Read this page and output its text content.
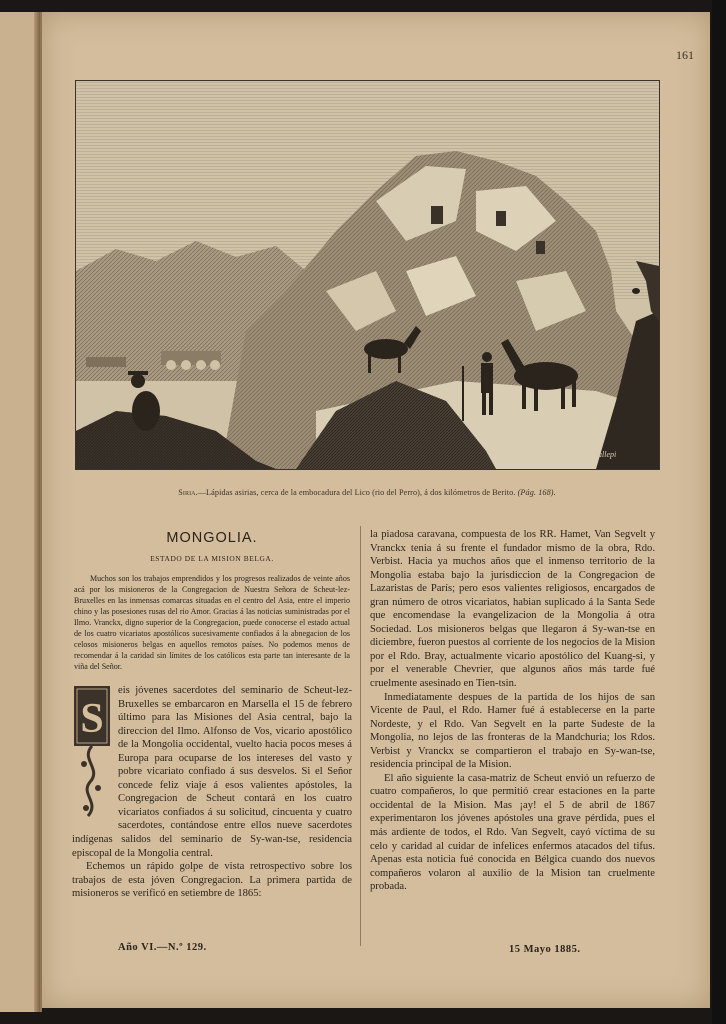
161
Sallepi
Siria.—Lápidas asirias, cerca de la embocadura del Lico (rio del Perro), á dos kilómetros de Berito. (Pág. 168).
MONGOLIA.
ESTADO DE LA MISION BELGA.

Muchos son los trabajos emprendidos y los progresos realizados de veinte años acá por los misioneros de la Congregacion de Nuestra Señora de Scheut-lez-Bruxelles en las inmensas comarcas situadas en el centro del Asia, entre el imperio chino y las posesiones rusas del rio Amor. Gracias á las noticias suministradas por el Ilmo. Vranckx, digno superior de la Congregacion, puede conocerse el estado actual de los cuatro vicariatos apostólicos sucesivamente confiados á la abnegacion de los celosos misioneros belgas en aquellos remotos países. No podemos menos de recomendar á la caridad sin límites de los católicos esta parte tan interesante de la viña del Señor.

S

eis jóvenes sacerdotes del seminario de Scheut-lez-Bruxelles se embarcaron en Marsella el 15 de febrero último para las Misiones del Asia central, bajo la direccion del Ilmo. Alfonso de Vos, vicario apostólico de la Mongolia occidental, vuelto hacia pocos meses á Europa para ocuparse de los intereses del vasto y pobre vicariato confiado á sus desvelos. Si el Señor concede feliz viaje á esos valientes apóstoles, la Congregacion de Scheut contará en los cuatro vicariatos confiados á su solicitud, cincuenta y cuatro sacerdotes, contándose entre ellos nueve sacerdotes indígenas salidos del seminario de Sy-wan-tse, residencia episcopal de la Mongolia central.

Echemos un rápido golpe de vista retrospectivo sobre los trabajos de esta jóven Congregacion. La primera partida de misioneros se verificó en setiembre de 1865:

la piadosa caravana, compuesta de los RR. Hamet, Van Segvelt y Vranckx tenia á su frente el fundador mismo de la obra, Rdo. Verbist. Hacia ya muchos años que el inmenso territorio de la Mongolia estaba bajo la jurisdiccion de la Congregacion de Lazaristas de París; pero esos valientes religiosos, encargados de gran número de otros vicariatos, habian suplicado á la Santa Sede que encomendase la evangelizacion de la Mongolia á otra Sociedad. Los misioneros belgas que llegaron á Sy-wan-tse en diciembre, fueron puestos al corriente de los negocios de la Mision por el Rdo. Bray, actualmente vicario apostólico del Kuang-si, y por el venerable Chevrier, que algunos años más tarde fué cruelmente asesinado en Tien-tsin.

Inmediatamente despues de la partida de los hijos de san Vicente de Paul, el Rdo. Hamer fué á establecerse en la parte Nordeste, y el Rdo. Van Segvelt en la parte Sudeste de la Mongolia, no lejos de las fronteras de la Mandchuria; los Rdos. Verbist y Vranckx se compartieron el trabajo en Sy-wan-tse, residencia principal de la Mision.

El año siguiente la casa-matriz de Scheut envió un refuerzo de cuatro compañeros, lo que permitió crear estaciones en la parte occidental de la Mision. Mas ¡ay! el 5 de abril de 1867 experimentaron los jóvenes apóstoles una grave pérdida, pues el más ardiente de todos, el Rdo. Van Segvelt, cayó víctima de su celo y caridad al cuidar de infelices enfermos atacados del tifus. Apenas esta noticia fué conocida en Bélgica cuando dos nuevos compañeros volaron al auxilio de la Mision tan cruelmente probada.

Año VI.—N.º 129.	15 Mayo 1885.
